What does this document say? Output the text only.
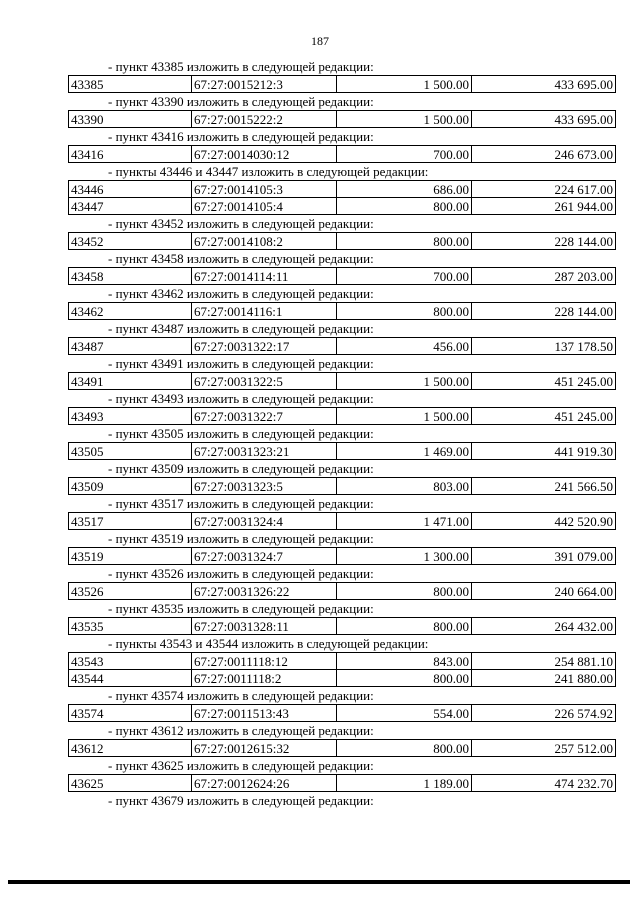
187
- пункт 43385 изложить в следующей редакции:
43385	67:27:0015212:3	1 500.00	433 695.00
- пункт 43390 изложить в следующей редакции:
43390	67:27:0015222:2	1 500.00	433 695.00
- пункт 43416 изложить в следующей редакции:
43416	67:27:0014030:12	700.00	246 673.00
- пункты 43446 и 43447 изложить в следующей редакции:
43446	67:27:0014105:3	686.00	224 617.00
43447	67:27:0014105:4	800.00	261 944.00
- пункт 43452 изложить в следующей редакции:
43452	67:27:0014108:2	800.00	228 144.00
- пункт 43458 изложить в следующей редакции:
43458	67:27:0014114:11	700.00	287 203.00
- пункт 43462 изложить в следующей редакции:
43462	67:27:0014116:1	800.00	228 144.00
- пункт 43487 изложить в следующей редакции:
43487	67:27:0031322:17	456.00	137 178.50
- пункт 43491 изложить в следующей редакции:
43491	67:27:0031322:5	1 500.00	451 245.00
- пункт 43493 изложить в следующей редакции:
43493	67:27:0031322:7	1 500.00	451 245.00
- пункт 43505 изложить в следующей редакции:
43505	67:27:0031323:21	1 469.00	441 919.30
- пункт 43509 изложить в следующей редакции:
43509	67:27:0031323:5	803.00	241 566.50
- пункт 43517 изложить в следующей редакции:
43517	67:27:0031324:4	1 471.00	442 520.90
- пункт 43519 изложить в следующей редакции:
43519	67:27:0031324:7	1 300.00	391 079.00
- пункт 43526 изложить в следующей редакции:
43526	67:27:0031326:22	800.00	240 664.00
- пункт 43535 изложить в следующей редакции:
43535	67:27:0031328:11	800.00	264 432.00
- пункты 43543 и 43544 изложить в следующей редакции:
43543	67:27:0011118:12	843.00	254 881.10
43544	67:27:0011118:2	800.00	241 880.00
- пункт 43574 изложить в следующей редакции:
43574	67:27:0011513:43	554.00	226 574.92
- пункт 43612 изложить в следующей редакции:
43612	67:27:0012615:32	800.00	257 512.00
- пункт 43625 изложить в следующей редакции:
43625	67:27:0012624:26	1 189.00	474 232.70
- пункт 43679 изложить в следующей редакции:
